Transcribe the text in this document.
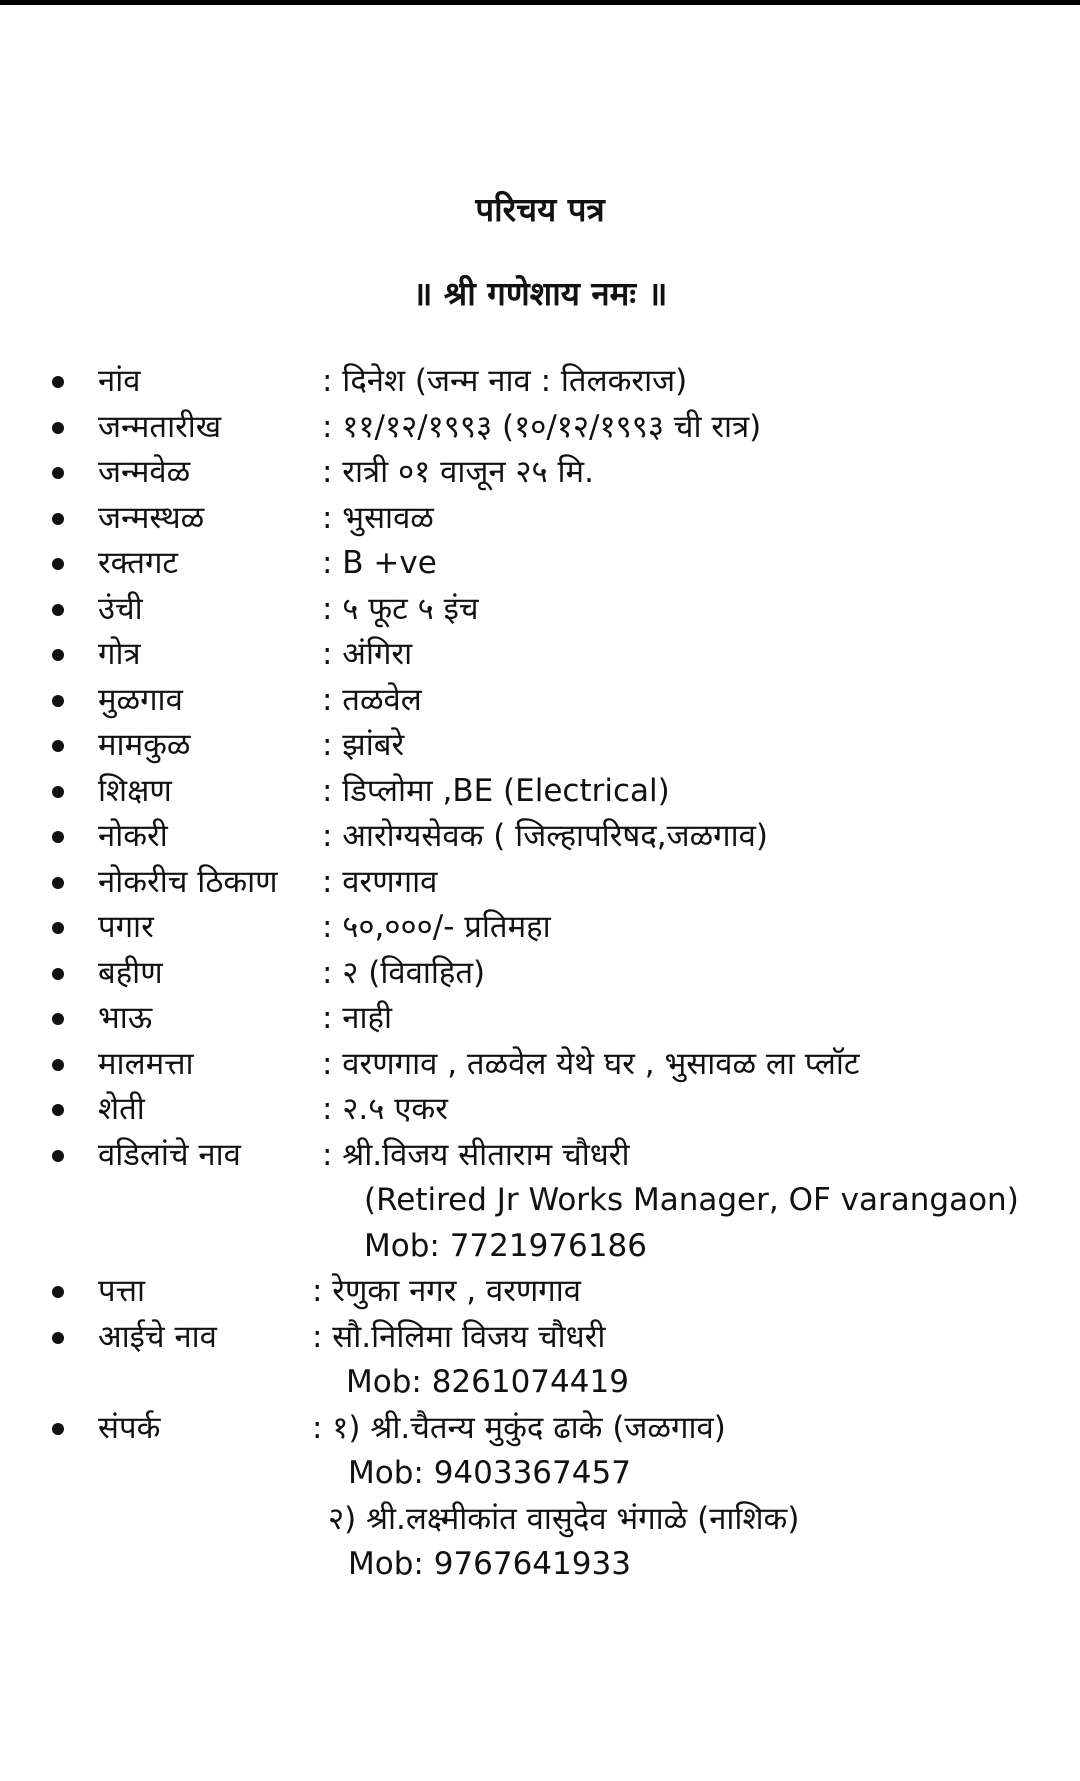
परिचय पत्र
॥ श्री गणेशाय नमः ॥
नांव	: दिनेश (जन्म नाव : तिलकराज)
जन्मतारीख	: ११/१२/१९९३ (१०/१२/१९९३ ची रात्र)
जन्मवेळ	: रात्री ०१ वाजून २५ मि.
जन्मस्थळ	: भुसावळ
रक्तगट	: B +ve
उंची	: ५ फूट ५ इंच
गोत्र	: अंगिरा
मुळगाव	: तळवेल
मामकुळ	: झांबरे
शिक्षण	: डिप्लोमा ,BE (Electrical)
नोकरी	: आरोग्यसेवक ( जिल्हापरिषद,जळगाव)
नोकरीच ठिकाण : वरणगाव
पगार	: ५०,०००/- प्रतिमहा
बहीण	: २ (विवाहित)
भाऊ	: नाही
मालमत्ता	: वरणगाव , तळवेल येथे घर , भुसावळ ला प्लॉट
शेती	: २.५ एकर
वडिलांचे नाव	: श्री.विजय सीताराम चौधरी
(Retired Jr Works Manager, OF varangaon)
Mob: 7721976186
पत्ता	: रेणुका नगर , वरणगाव
आईचे नाव	: सौ.निलिमा विजय चौधरी
Mob: 8261074419
संपर्क	: १) श्री.चैतन्य मुकुंद ढाके (जळगाव)
Mob: 9403367457
२) श्री.लक्ष्मीकांत वासुदेव भंगाळे (नाशिक)
Mob: 9767641933
